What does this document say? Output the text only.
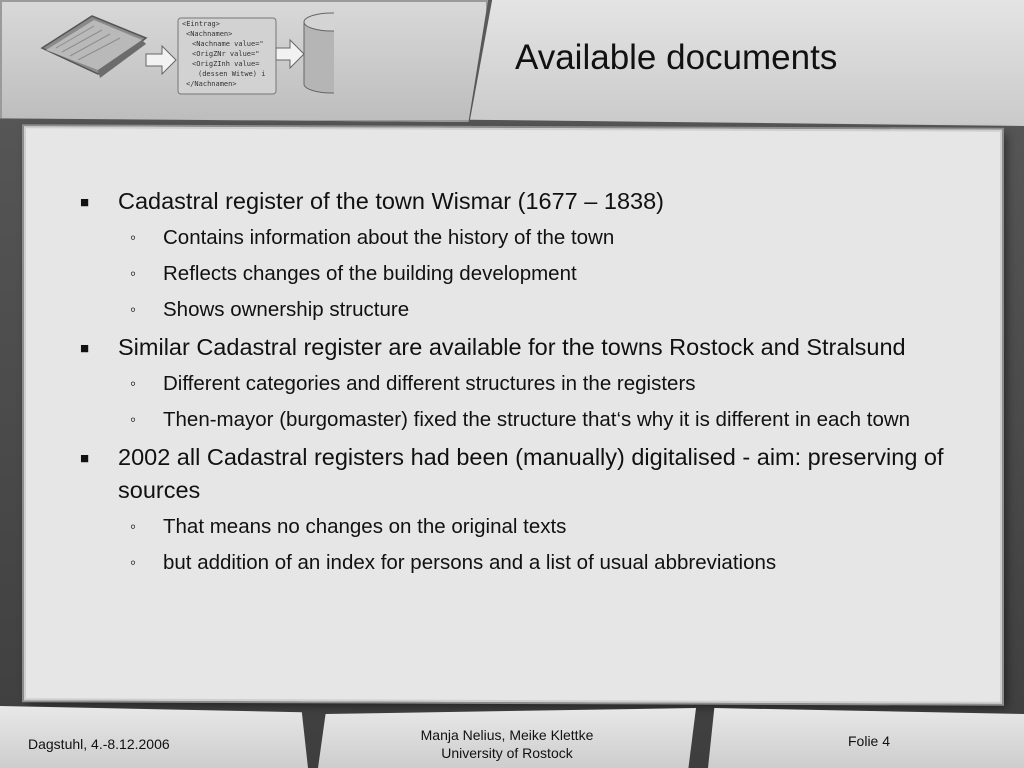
<Eintrag>
<Nachnamen>
<Nachname value="
<OrigZNr value="
<OrigZInh value=
(dessen Witwe) i
</Nachnamen>
Available documents
■ Cadastral register of the town Wismar (1677 – 1838)
◦ Contains information about the history of the town
◦ Reflects changes of the building development
◦ Shows ownership structure
■ Similar Cadastral register are available for the towns Rostock and Stralsund
◦ Different categories and different structures in the registers
◦ Then-mayor (burgomaster) fixed the structure that‘s why it is different in each town
■ 2002 all Cadastral registers had been (manually) digitalised - aim: preserving of sources
◦ That means no changes on the original texts
◦ but addition of an index for persons and a list of usual abbreviations
Dagstuhl, 4.-8.12.2006
Manja Nelius, Meike Klettke
University of Rostock
Folie 4
